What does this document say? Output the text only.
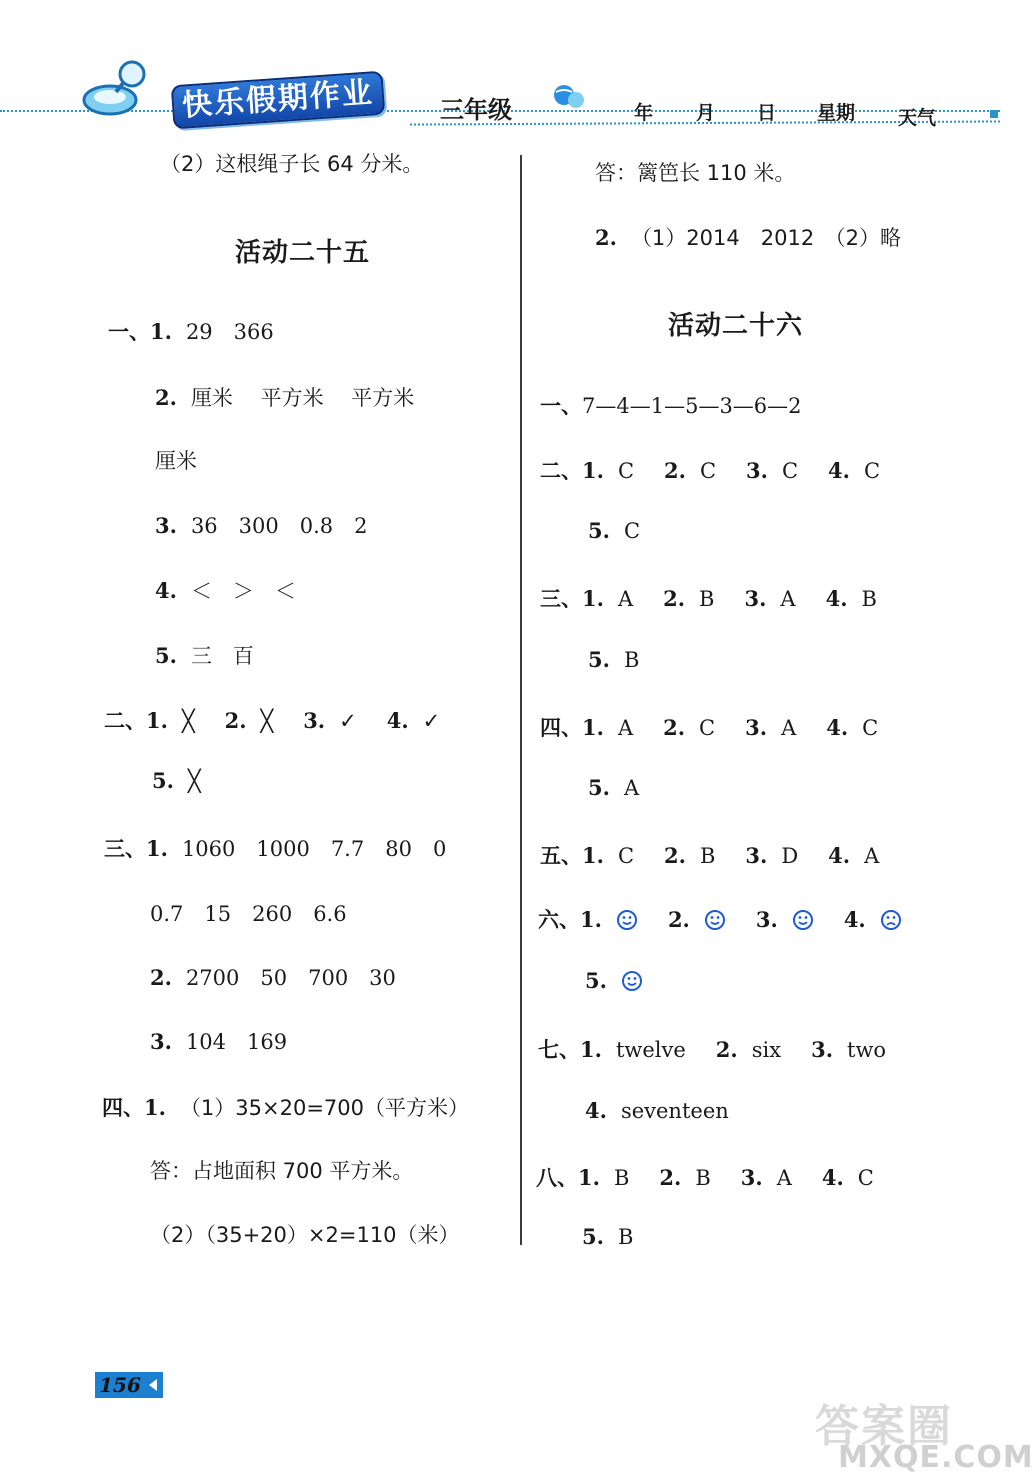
快乐假期作业	三年级	年 月 日 星期 天气
（2）这根绳子长 64 分米。
活动二十五
一、1. 29　366
2. 厘米　 平方米　 平方米
厘米
3. 36　300　0.8　2
4. ＜　＞　＜
5. 三　百
二、1. ╳ 2. ╳ 3. ✓ 4. ✓
5. ╳
三、1. 1060　1000　7.7　80　0
0.7　15　260　6.6
2. 2700　50　700　30
3. 104　169
四、1. （1）35×20=700（平方米）
答：占地面积 700 平方米。
（2）（35+20）×2=110（米）
答：篱笆长 110 米。
2. （1）2014　2012　（2）略
活动二十六
一、7—4—1—5—3—6—2
二、1. C 2. C 3. C 4. C
5. C
三、1. A 2. B 3. A 4. B
5. B
四、1. A 2. C 3. A 4. C
5. A
五、1. C 2. B 3. D 4. A
六、1.	2.	3.	4.
5.
七、1. twelve 2. six 3. two
4. seventeen
八、1. B 2. B 3. A 4. C
5. B
156
答案圈
MXQE.COM
